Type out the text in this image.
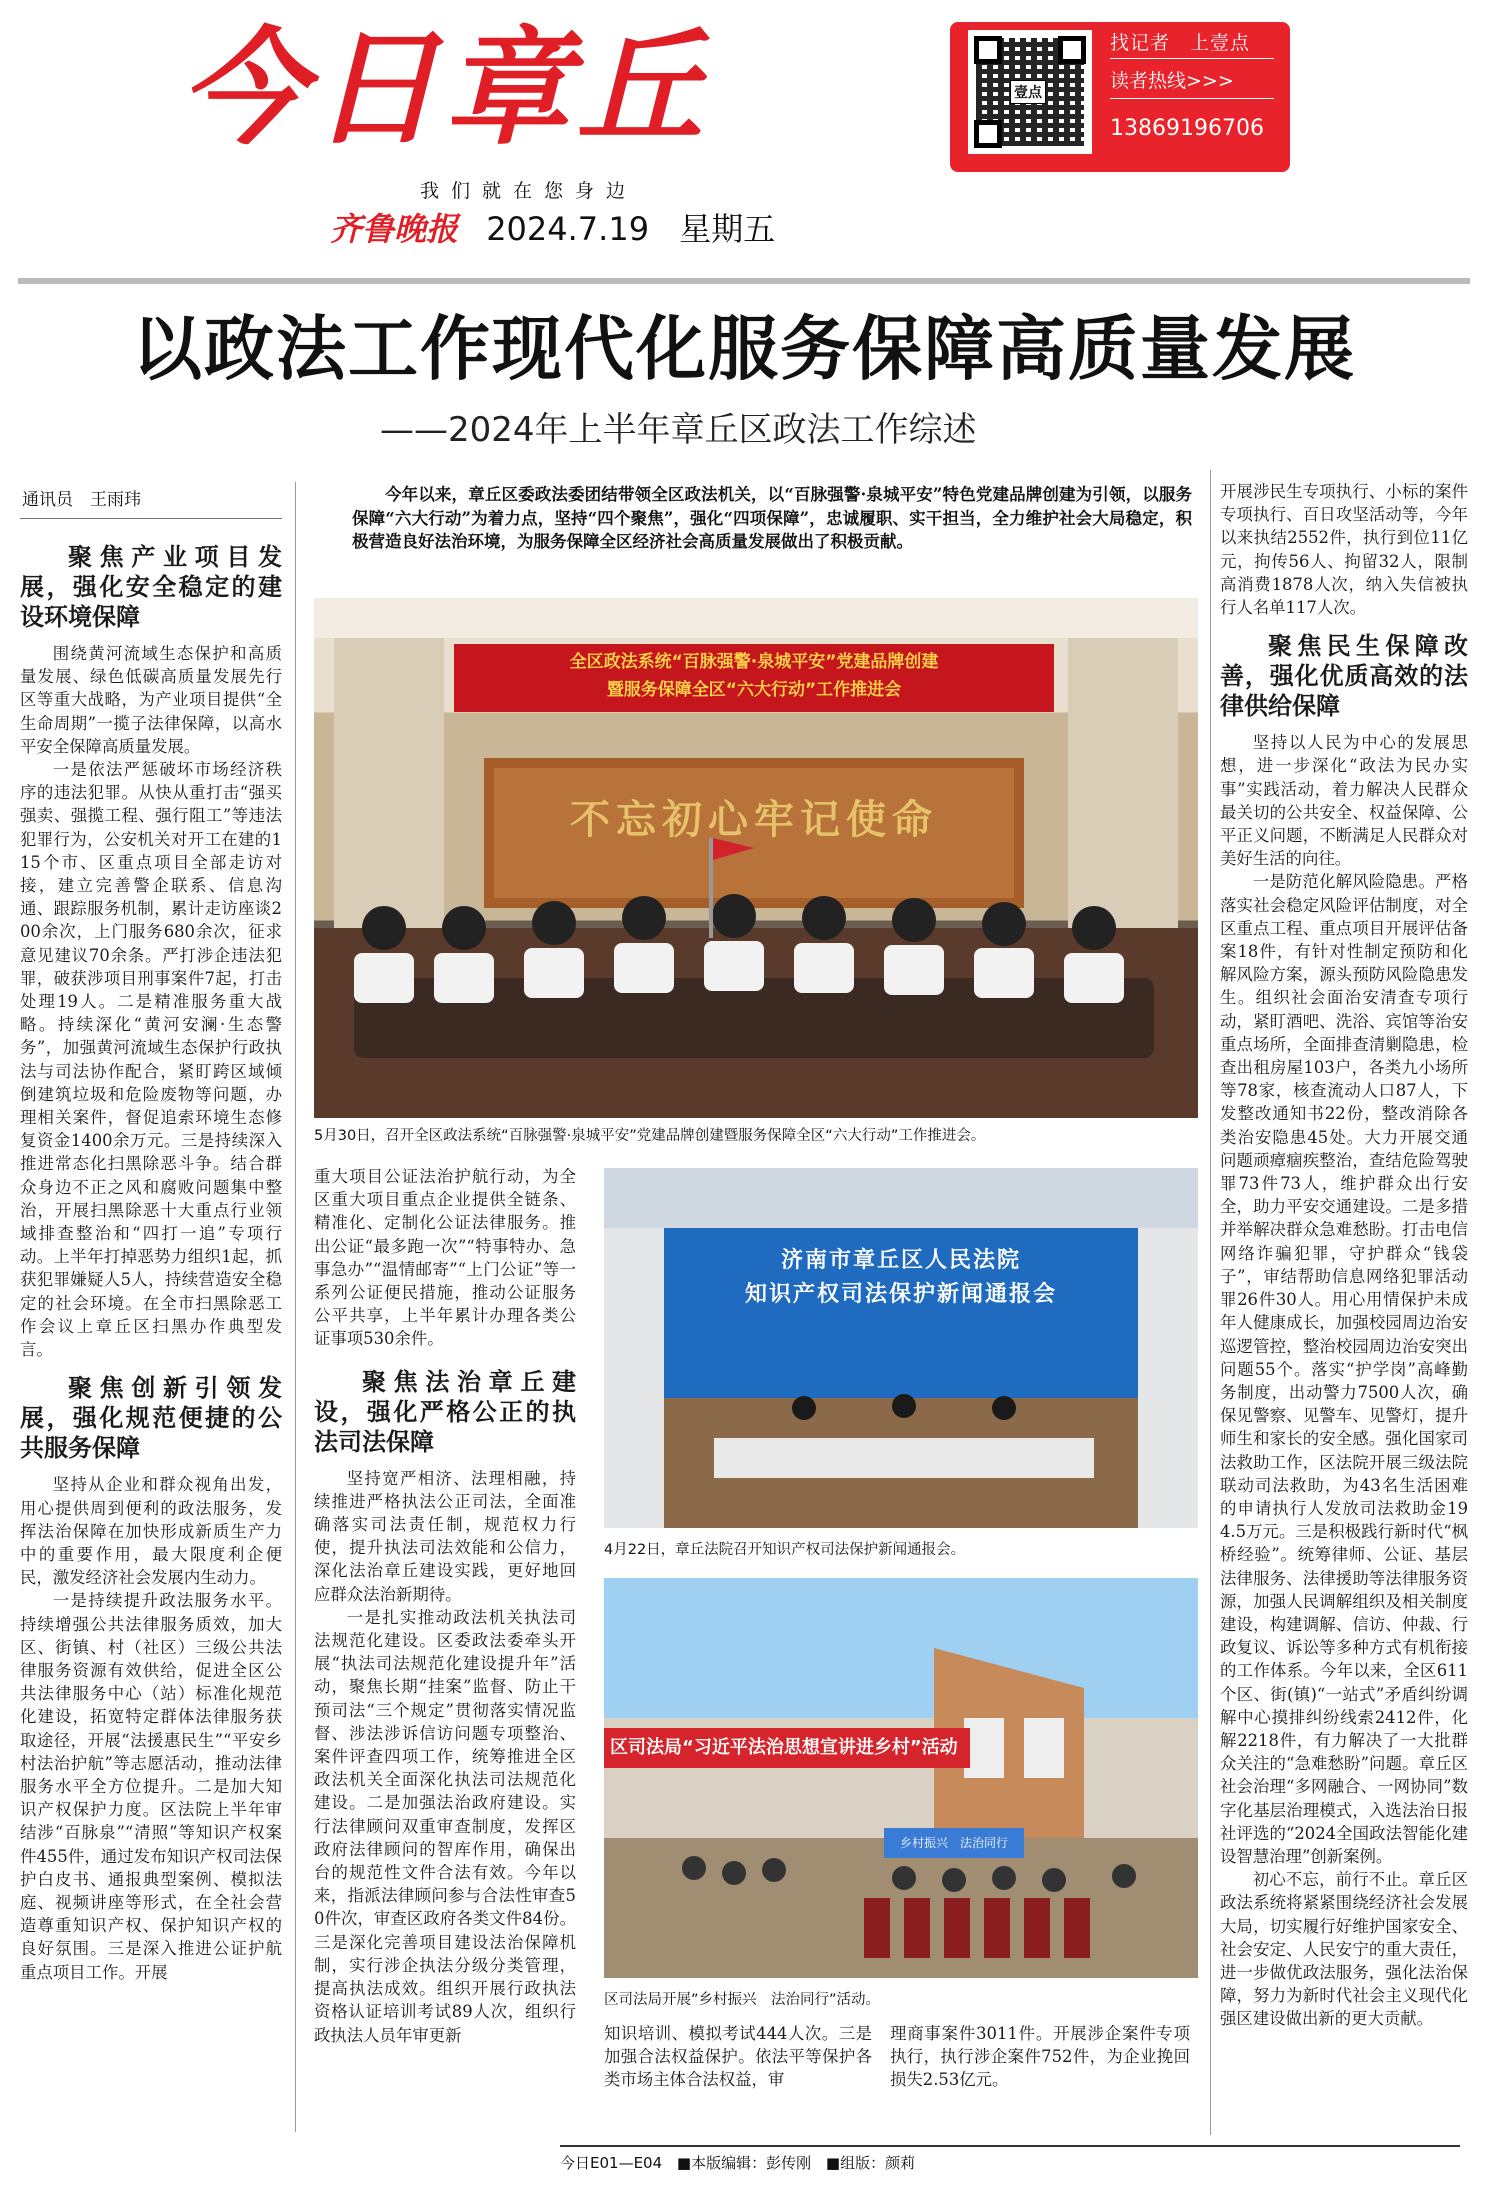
今日章丘
我们就在您身边
齐鲁晚报 2024.7.19 星期五
壹点
找记者　上壹点
读者热线>>>
13869196706
以政法工作现代化服务保障高质量发展
——2024年上半年章丘区政法工作综述
通讯员　王雨玮
聚焦产业项目发展，强化安全稳定的建设环境保障

围绕黄河流域生态保护和高质量发展、绿色低碳高质量发展先行区等重大战略，为产业项目提供“全生命周期”一揽子法律保障，以高水平安全保障高质量发展。

一是依法严惩破坏市场经济秩序的违法犯罪。从快从重打击“强买强卖、强揽工程、强行阻工”等违法犯罪行为，公安机关对开工在建的115个市、区重点项目全部走访对接，建立完善警企联系、信息沟通、跟踪服务机制，累计走访座谈200余次，上门服务680余次，征求意见建议70余条。严打涉企违法犯罪，破获涉项目刑事案件7起，打击处理19人。二是精准服务重大战略。持续深化“黄河安澜·生态警务”，加强黄河流域生态保护行政执法与司法协作配合，紧盯跨区域倾倒建筑垃圾和危险废物等问题，办理相关案件，督促追索环境生态修复资金1400余万元。三是持续深入推进常态化扫黑除恶斗争。结合群众身边不正之风和腐败问题集中整治，开展扫黑除恶十大重点行业领域排查整治和“四打一追”专项行动。上半年打掉恶势力组织1起，抓获犯罪嫌疑人5人，持续营造安全稳定的社会环境。在全市扫黑除恶工作会议上章丘区扫黑办作典型发言。

聚焦创新引领发展，强化规范便捷的公共服务保障

坚持从企业和群众视角出发，用心提供周到便利的政法服务，发挥法治保障在加快形成新质生产力中的重要作用，最大限度利企便民，激发经济社会发展内生动力。

一是持续提升政法服务水平。持续增强公共法律服务质效，加大区、街镇、村（社区）三级公共法律服务资源有效供给，促进全区公共法律服务中心（站）标准化规范化建设，拓宽特定群体法律服务获取途径，开展“法援惠民生”“平安乡村法治护航”等志愿活动，推动法律服务水平全方位提升。二是加大知识产权保护力度。区法院上半年审结涉“百脉泉”“清照”等知识产权案件455件，通过发布知识产权司法保护白皮书、通报典型案例、模拟法庭、视频讲座等形式，在全社会营造尊重知识产权、保护知识产权的良好氛围。三是深入推进公证护航重点项目工作。开展

今年以来，章丘区委政法委团结带领全区政法机关，以“百脉强警·泉城平安”特色党建品牌创建为引领，以服务保障“六大行动”为着力点，坚持“四个聚焦”，强化“四项保障”，忠诚履职、实干担当，全力维护社会大局稳定，积极营造良好法治环境，为服务保障全区经济社会高质量发展做出了积极贡献。
全区政法系统“百脉强警·泉城平安”党建品牌创建
暨服务保障全区“六大行动”工作推进会
不忘初心牢记使命
5月30日，召开全区政法系统“百脉强警·泉城平安”党建品牌创建暨服务保障全区“六大行动”工作推进会。

重大项目公证法治护航行动，为全区重大项目重点企业提供全链条、精准化、定制化公证法律服务。推出公证“最多跑一次”“特事特办、急事急办”“温情邮寄”“上门公证”等一系列公证便民措施，推动公证服务公平共享，上半年累计办理各类公证事项530余件。

聚焦法治章丘建设，强化严格公正的执法司法保障

坚持宽严相济、法理相融，持续推进严格执法公正司法，全面准确落实司法责任制，规范权力行使，提升执法司法效能和公信力，深化法治章丘建设实践，更好地回应群众法治新期待。

一是扎实推动政法机关执法司法规范化建设。区委政法委牵头开展“执法司法规范化建设提升年”活动，聚焦长期“挂案”监督、防止干预司法“三个规定”贯彻落实情况监督、涉法涉诉信访问题专项整治、案件评查四项工作，统筹推进全区政法机关全面深化执法司法规范化建设。二是加强法治政府建设。实行法律顾问双重审查制度，发挥区政府法律顾问的智库作用，确保出台的规范性文件合法有效。今年以来，指派法律顾问参与合法性审查50件次，审查区政府各类文件84份。三是深化完善项目建设法治保障机制，实行涉企执法分级分类管理，提高执法成效。组织开展行政执法资格认证培训考试89人次，组织行政执法人员年审更新

济南市章丘区人民法院
知识产权司法保护新闻通报会
4月22日，章丘法院召开知识产权司法保护新闻通报会。
区司法局“习近平法治思想宣讲进乡村”活动
乡村振兴　法治同行
区司法局开展”乡村振兴　法治同行”活动。

知识培训、模拟考试444人次。三是加强合法权益保护。依法平等保护各类市场主体合法权益，审

理商事案件3011件。开展涉企案件专项执行，执行涉企案件752件，为企业挽回损失2.53亿元。

开展涉民生专项执行、小标的案件专项执行、百日攻坚活动等，今年以来执结2552件，执行到位11亿元，拘传56人、拘留32人，限制高消费1878人次，纳入失信被执行人名单117人次。

聚焦民生保障改善，强化优质高效的法律供给保障

坚持以人民为中心的发展思想，进一步深化“政法为民办实事”实践活动，着力解决人民群众最关切的公共安全、权益保障、公平正义问题，不断满足人民群众对美好生活的向往。

一是防范化解风险隐患。严格落实社会稳定风险评估制度，对全区重点工程、重点项目开展评估备案18件，有针对性制定预防和化解风险方案，源头预防风险隐患发生。组织社会面治安清查专项行动，紧盯酒吧、洗浴、宾馆等治安重点场所，全面排查清剿隐患，检查出租房屋103户，各类九小场所等78家，核查流动人口87人，下发整改通知书22份，整改消除各类治安隐患45处。大力开展交通问题顽瘴痼疾整治，查结危险驾驶罪73件73人，维护群众出行安全，助力平安交通建设。二是多措并举解决群众急难愁盼。打击电信网络诈骗犯罪，守护群众“钱袋子”，审结帮助信息网络犯罪活动罪26件30人。用心用情保护未成年人健康成长，加强校园周边治安巡逻管控，整治校园周边治安突出问题55个。落实“护学岗”高峰勤务制度，出动警力7500人次，确保见警察、见警车、见警灯，提升师生和家长的安全感。强化国家司法救助工作，区法院开展三级法院联动司法救助，为43名生活困难的申请执行人发放司法救助金194.5万元。三是积极践行新时代“枫桥经验”。统筹律师、公证、基层法律服务、法律援助等法律服务资源，加强人民调解组织及相关制度建设，构建调解、信访、仲裁、行政复议、诉讼等多种方式有机衔接的工作体系。今年以来，全区611个区、街(镇)“一站式”矛盾纠纷调解中心摸排纠纷线索2412件，化解2218件，有力解决了一大批群众关注的“急难愁盼”问题。章丘区社会治理“多网融合、一网协同”数字化基层治理模式，入选法治日报社评选的“2024全国政法智能化建设智慧治理”创新案例。

初心不忘，前行不止。章丘区政法系统将紧紧围绕经济社会发展大局，切实履行好维护国家安全、社会安定、人民安宁的重大责任，进一步做优政法服务，强化法治保障，努力为新时代社会主义现代化强区建设做出新的更大贡献。

今日E01—E04 ■本版编辑：彭传刚 ■组版：颜莉
